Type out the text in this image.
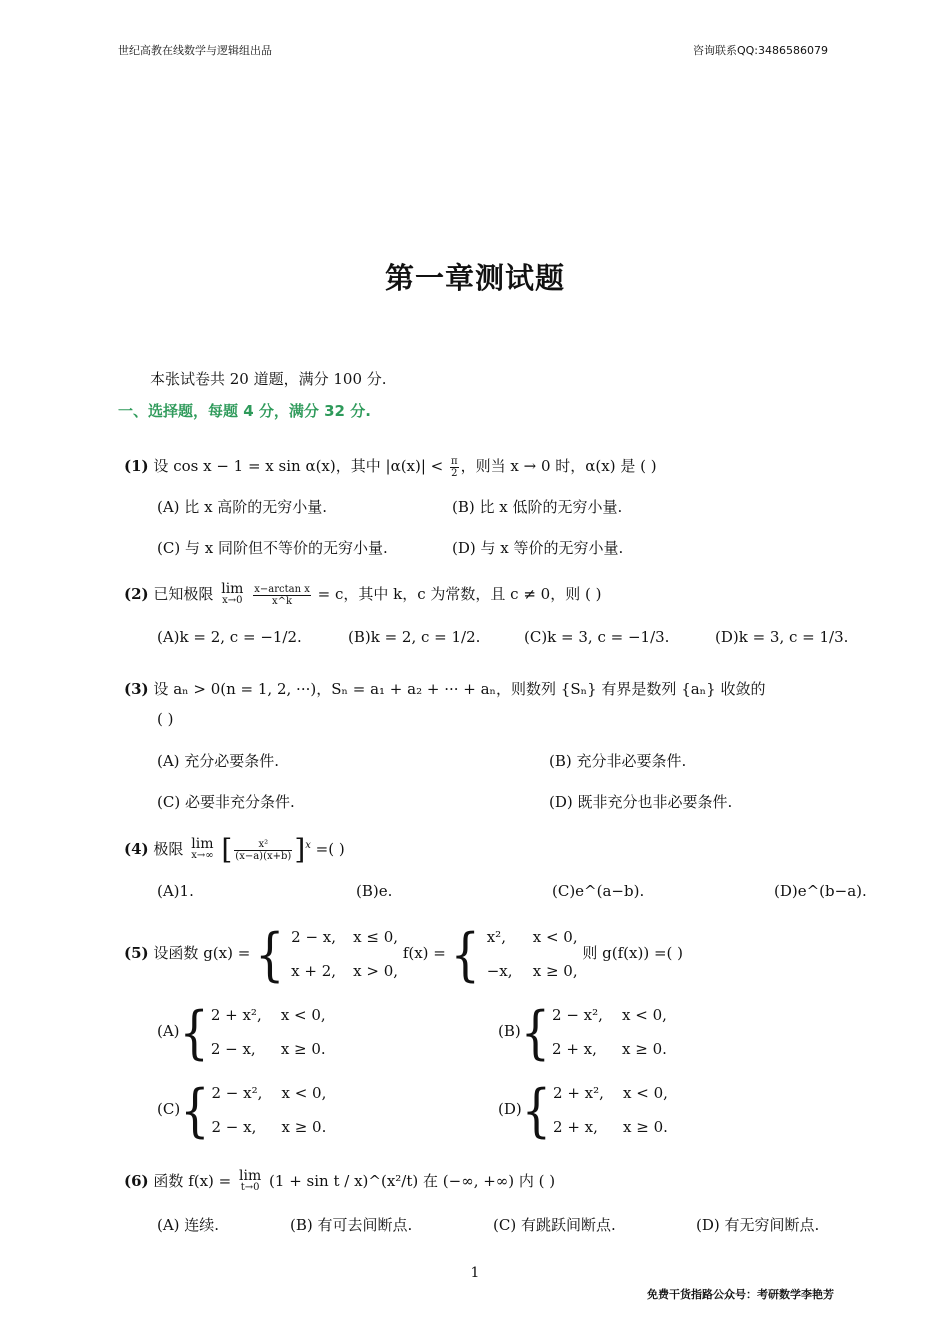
世纪高教在线数学与逻辑组出品	咨询联系QQ:3486586079
第一章测试题
本张试卷共 20 道题，满分 100 分.
一、选择题，每题 4 分，满分 32 分.
(1) 设 cos x − 1 = x sin α(x)，其中 $|\alpha(x)| < \frac{\pi}{2}$ ，则当 x → 0 时，α(x) 是 ( )
(A) 比 x 高阶的无穷小量.	(B) 比 x 低阶的无穷小量.
(C) 与 x 同阶但不等价的无穷小量.	(D) 与 x 等价的无穷小量.
(2) 已知极限 lim
x→0
$\frac{\text{x−arctan x}}{x\^{}k} = c$，其中 k，c 为常数，且 c ≠ 0，则 ( )
(A)k = 2, c = −1/2.	(B)k = 2, c = 1/2.	(C)k = 3, c = −1/3.	(D)k = 3, c = 1/3.
(3) 设 aₙ > 0(n = 1, 2, ···)，Sₙ = a₁ + a₂ + ··· + aₙ，则数列 {Sₙ} 有界是数列 {aₙ} 收敛的
( )
(A) 充分必要条件.	(B) 充分非必要条件.
(C) 必要非充分条件.	(D) 既非充分也非必要条件.
(4) 极限 lim
x→∞ [ $\frac{\text{x²}}{(x-a)(x+b)} ]^x$ =( )
(A)1.	(B)e.	(C)e^(a−b).	(D)e^(b−a).
(5) 设函数 g(x) = { 2 − x, x ≤ 0,
x + 2, x > 0,
f(x) = { x², x < 0,
−x, x ≥ 0,
则 g(f(x)) =( )
(A){ 2 + x², x < 0,
2 − x, x ≥ 0.
(B){ 2 − x², x < 0,
2 + x, x ≥ 0.
(C){ 2 − x², x < 0,
2 − x, x ≥ 0.
(D){ 2 + x², x < 0,
2 + x, x ≥ 0.
(6) 函数 f(x) = lim
t→0 (1 + sin t / x)^(x²/t) 在 (−∞, +∞) 内 ( )
(A) 连续.	(B) 有可去间断点.	(C) 有跳跃间断点.	(D) 有无穷间断点.
1
免费干货指路公众号：考研数学李艳芳
